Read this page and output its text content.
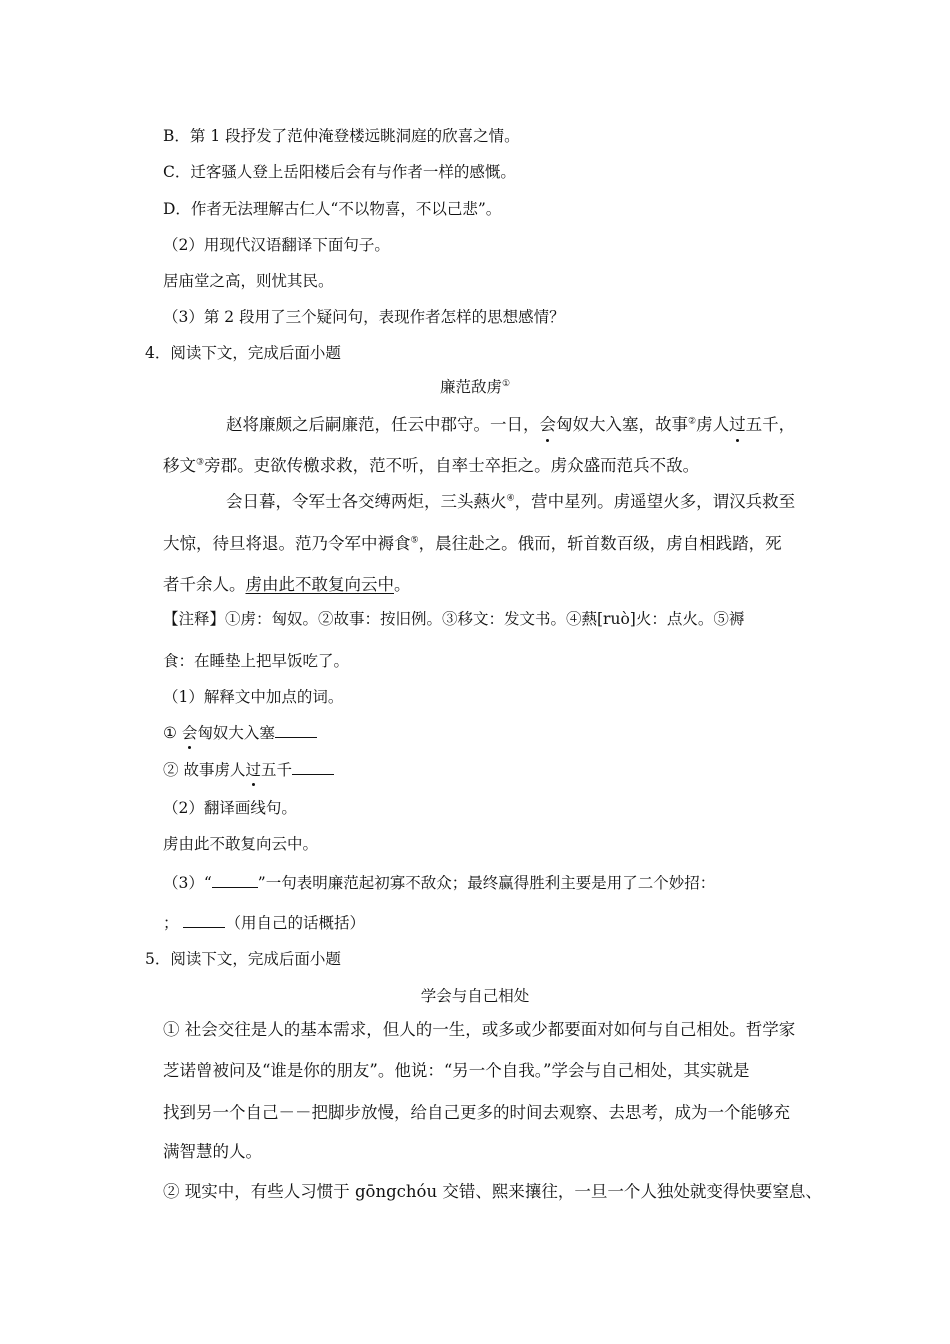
B．第 1 段抒发了范仲淹登楼远眺洞庭的欣喜之情。
C．迁客骚人登上岳阳楼后会有与作者一样的感慨。
D．作者无法理解古仁人“不以物喜，不以己悲”。
（2）用现代汉语翻译下面句子。
居庙堂之高，则忧其民。
（3）第 2 段用了三个疑问句，表现作者怎样的思想感情？
4．阅读下文，完成后面小题
廉范敌虏①
赵将廉颇之后嗣廉范，任云中郡守。一日，会匈奴大入塞，故事②虏人过五千，
移文③旁郡。吏欲传檄求救，范不听，自率士卒拒之。虏众盛而范兵不敌。
会日暮，令军士各交缚两炬，三头爇火④，营中星列。虏遥望火多，谓汉兵救至
大惊，待旦将退。范乃令军中褥食⑤，晨往赴之。俄而，斩首数百级，虏自相践踏，死
者千余人。虏由此不敢复向云中。
【注释】①虏：匈奴。②故事：按旧例。③移文：发文书。④爇[ruò]火：点火。⑤褥
食：在睡垫上把早饭吃了。
（1）解释文中加点的词。
① 会匈奴大入塞
② 故事虏人过五千
（2）翻译画线句。
虏由此不敢复向云中。
（3）“	”一句表明廉范起初寡不敌众；最终赢得胜利主要是用了二个妙招：
；	（用自己的话概括）
5．阅读下文，完成后面小题
学会与自己相处
① 社会交往是人的基本需求，但人的一生，或多或少都要面对如何与自己相处。哲学家
芝诺曾被问及“谁是你的朋友”。他说：“另一个自我。”学会与自己相处，其实就是
找到另一个自己－－把脚步放慢，给自己更多的时间去观察、去思考，成为一个能够充
满智慧的人。
② 现实中，有些人习惯于 gōngchóu 交错、熙来攘往，一旦一个人独处就变得快要窒息、
